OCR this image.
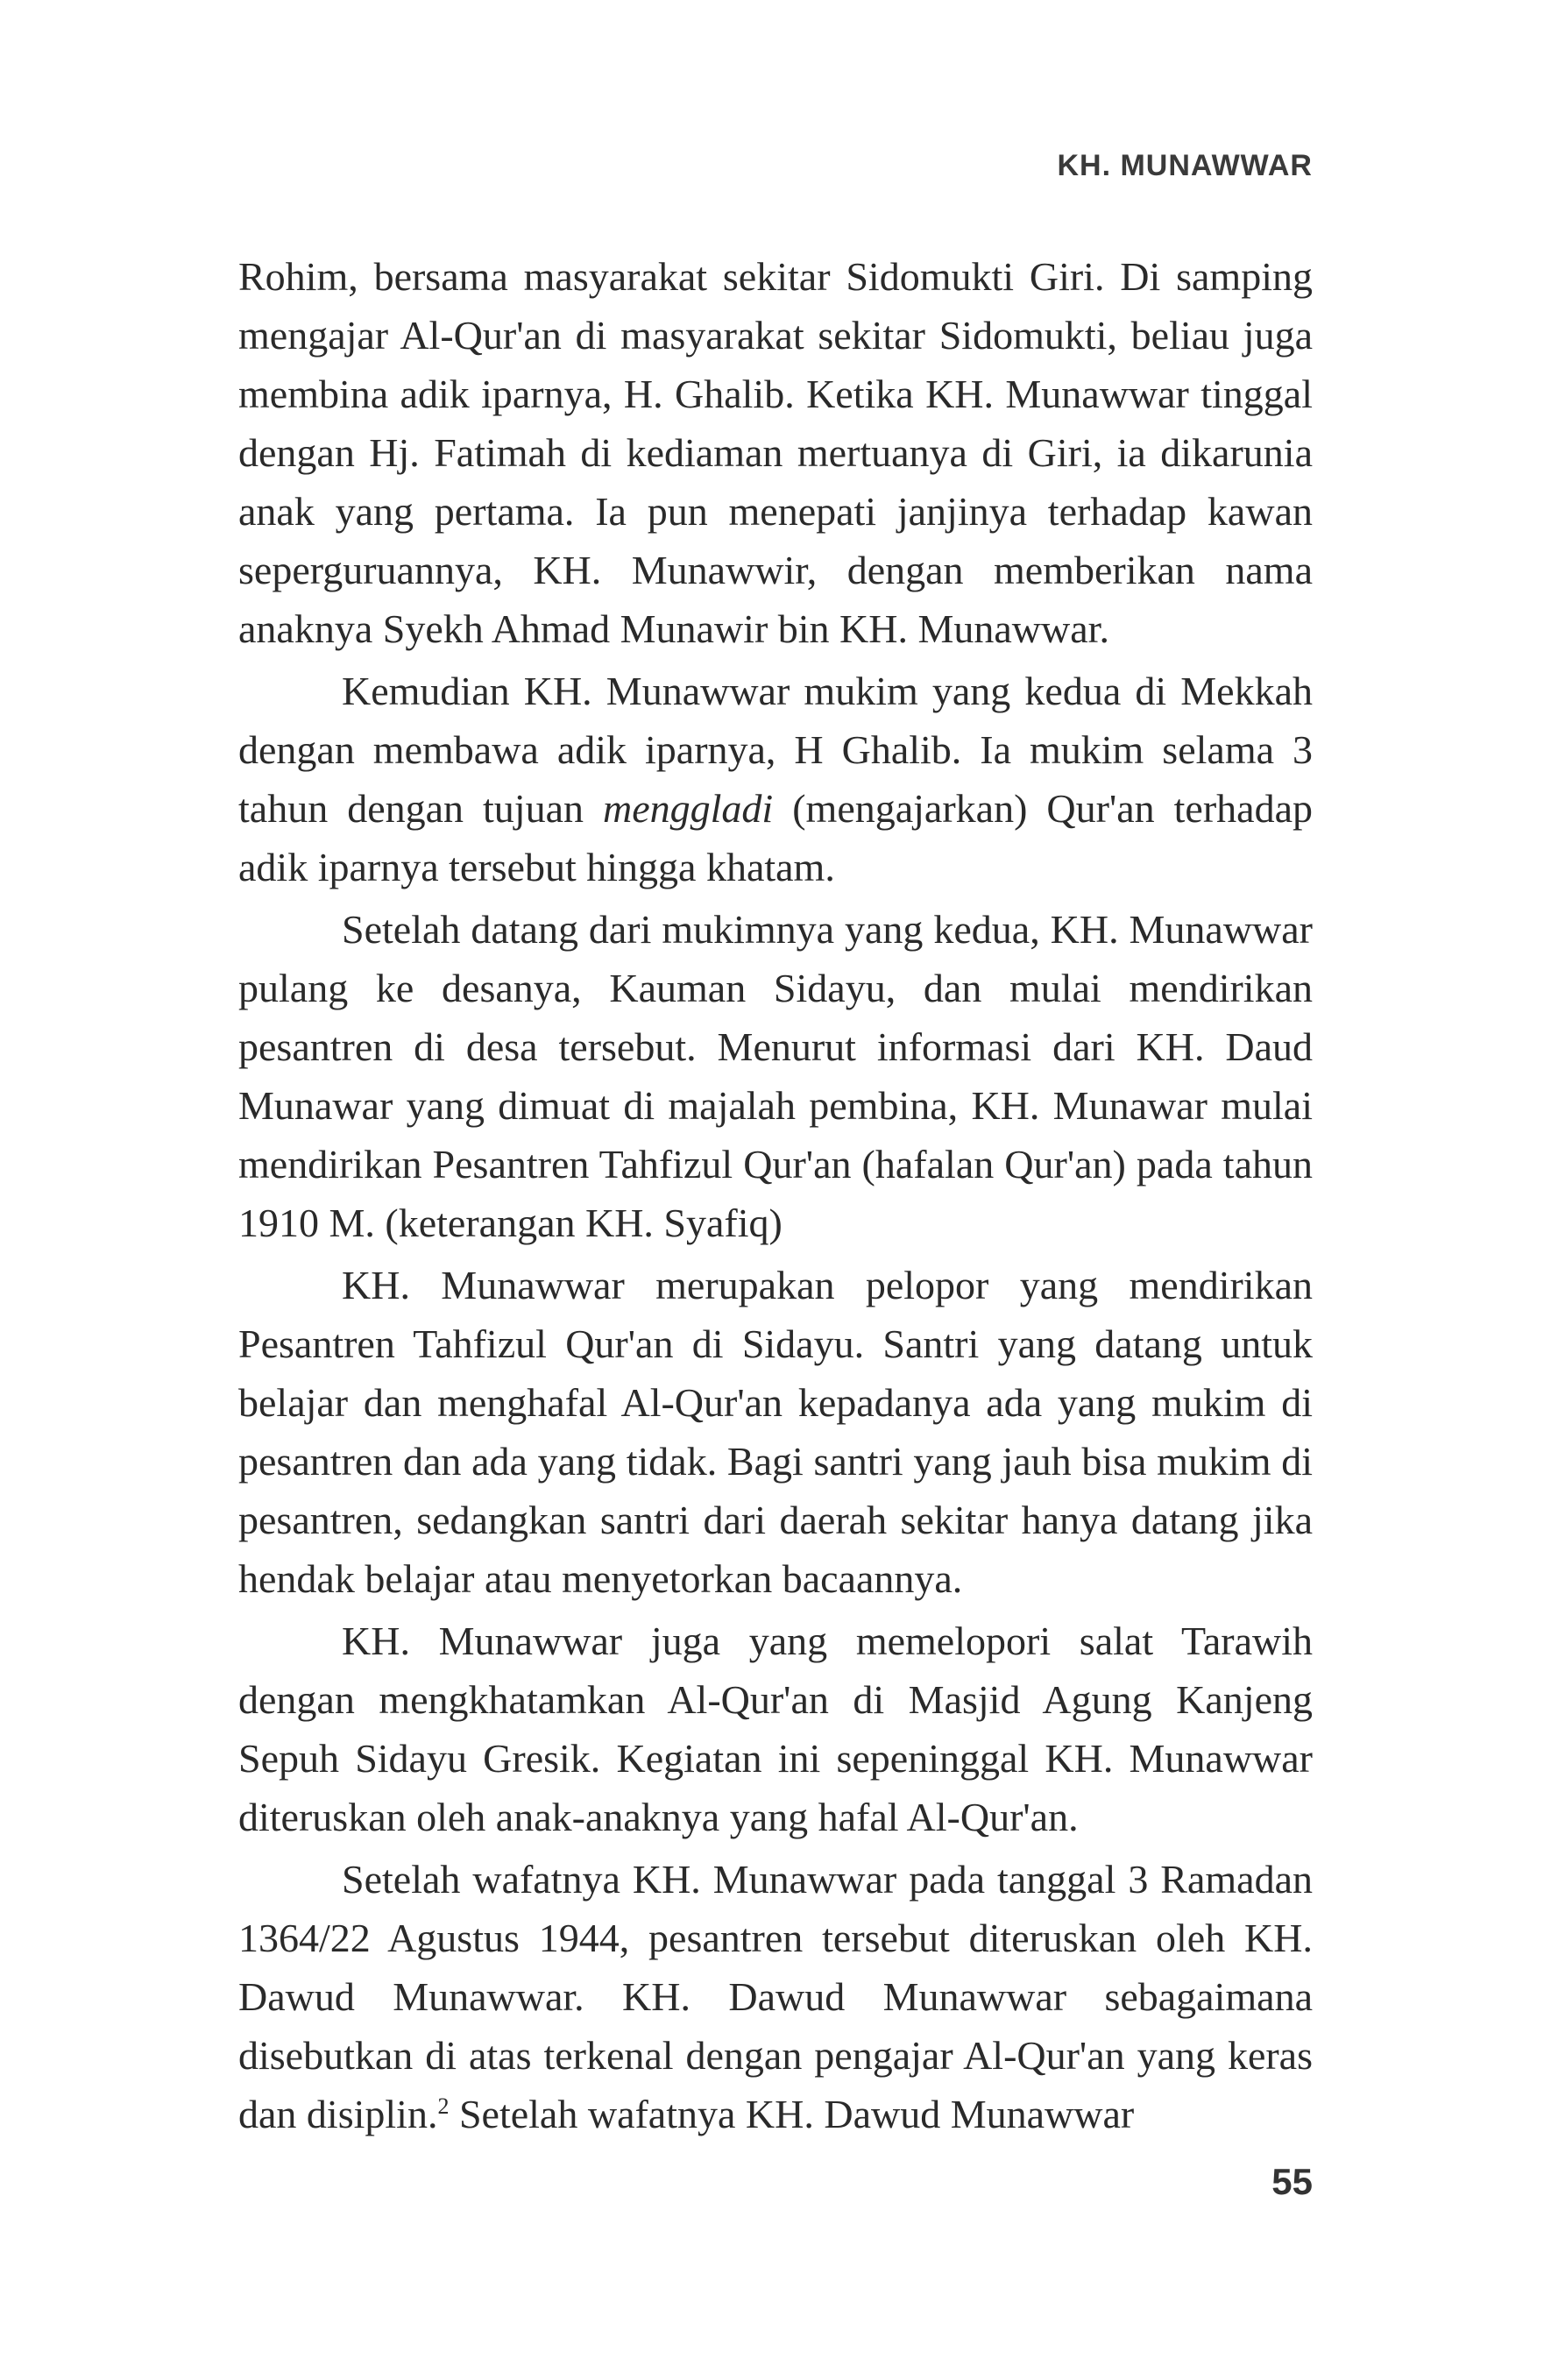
KH. MUNAWWAR

Rohim, bersama masyarakat sekitar Sidomukti Giri. Di samping mengajar Al-Qur'an di masyarakat sekitar Sidomukti, beliau juga membina adik iparnya, H. Ghalib. Ketika KH. Munawwar tinggal dengan Hj. Fatimah di kediaman mertuanya di Giri, ia dikarunia anak yang pertama. Ia pun menepati janjinya terhadap kawan seperguruannya, KH. Munawwir, dengan memberikan nama anaknya Syekh Ahmad Munawir bin KH. Munawwar.

Kemudian KH. Munawwar mukim yang kedua di Mekkah dengan membawa adik iparnya, H Ghalib. Ia mukim selama 3 tahun dengan tujuan menggladi (mengajarkan) Qur'an terhadap adik iparnya tersebut hingga khatam.

Setelah datang dari mukimnya yang kedua, KH. Munawwar pulang ke desanya, Kauman Sidayu, dan mulai mendirikan pesantren di desa tersebut. Menurut informasi dari KH. Daud Munawar yang dimuat di majalah pembina, KH. Munawar mulai mendirikan Pesantren Tahfizul Qur'an (hafalan Qur'an) pada tahun 1910 M. (keterangan KH. Syafiq)

KH. Munawwar merupakan pelopor yang mendirikan Pesantren Tahfizul Qur'an di Sidayu. Santri yang datang untuk belajar dan menghafal Al-Qur'an kepadanya ada yang mukim di pesantren dan ada yang tidak. Bagi santri yang jauh bisa mukim di pesantren, sedangkan santri dari daerah sekitar hanya datang jika hendak belajar atau menyetorkan bacaannya.

KH. Munawwar juga yang memelopori salat Tarawih dengan mengkhatamkan Al-Qur'an di Masjid Agung Kanjeng Sepuh Sidayu Gresik. Kegiatan ini sepeninggal KH. Munawwar diteruskan oleh anak-anaknya yang hafal Al-Qur'an.

Setelah wafatnya KH. Munawwar pada tanggal 3 Ramadan 1364/22 Agustus 1944, pesantren tersebut diteruskan oleh KH. Dawud Munawwar. KH. Dawud Munawwar sebagaimana disebutkan di atas terkenal dengan pengajar Al-Qur'an yang keras dan disiplin.$^2$ Setelah wafatnya KH. Dawud Munawwar

55
